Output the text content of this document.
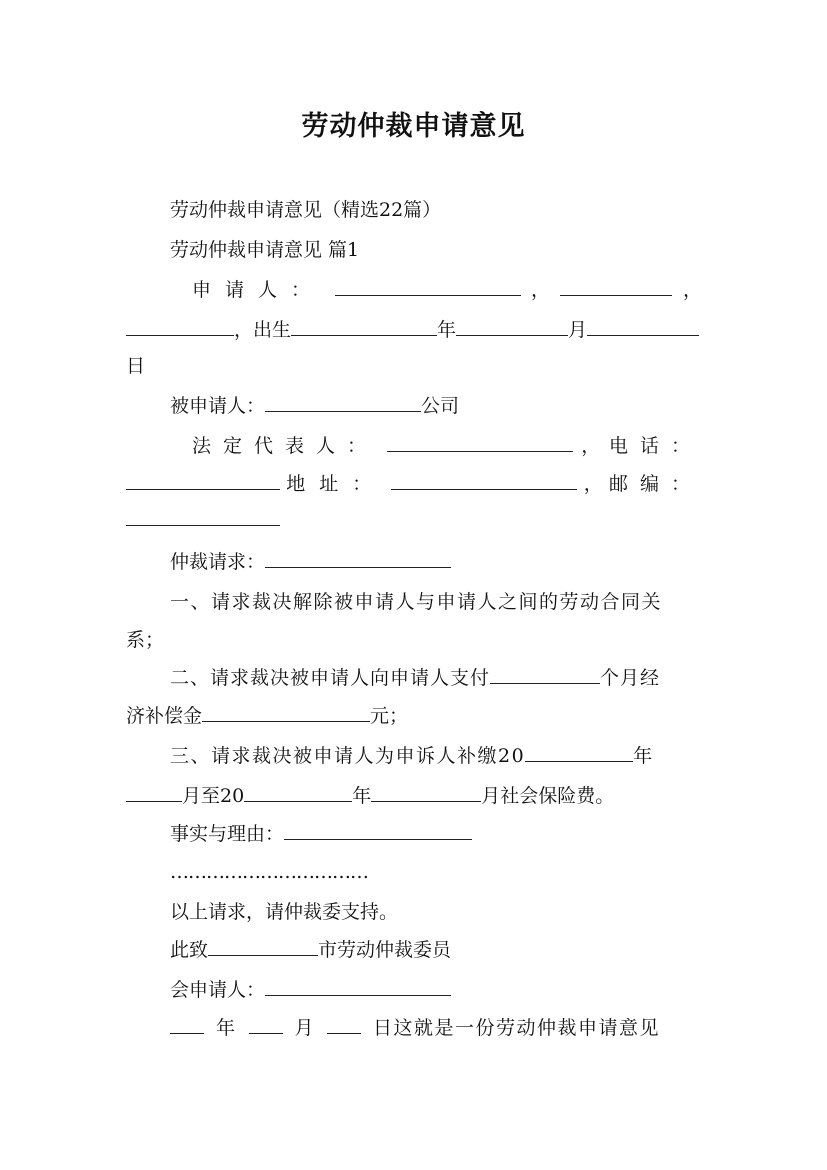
劳动仲裁申请意见
劳动仲裁申请意见（精选22篇）
劳动仲裁申请意见 篇1
申请人：	，	，
， 出生	年	月
日
被申请人：	公司
法定代表人：	， 电话：
地址：	， 邮编：
仲裁请求：
一、请求裁决解除被申请人与申请人之间的劳动合同关
系；
二、请求裁决被申请人向申请人支付	个月经
济补偿金	元；
三、请求裁决被申请人为申诉人补缴20	年
月至20	年	月社会保险费。
事实与理由：
……………………………
以上请求，请仲裁委支持。
此致	市劳动仲裁委员
会申请人：
年	月	日这就是一份劳动仲裁申请意见
